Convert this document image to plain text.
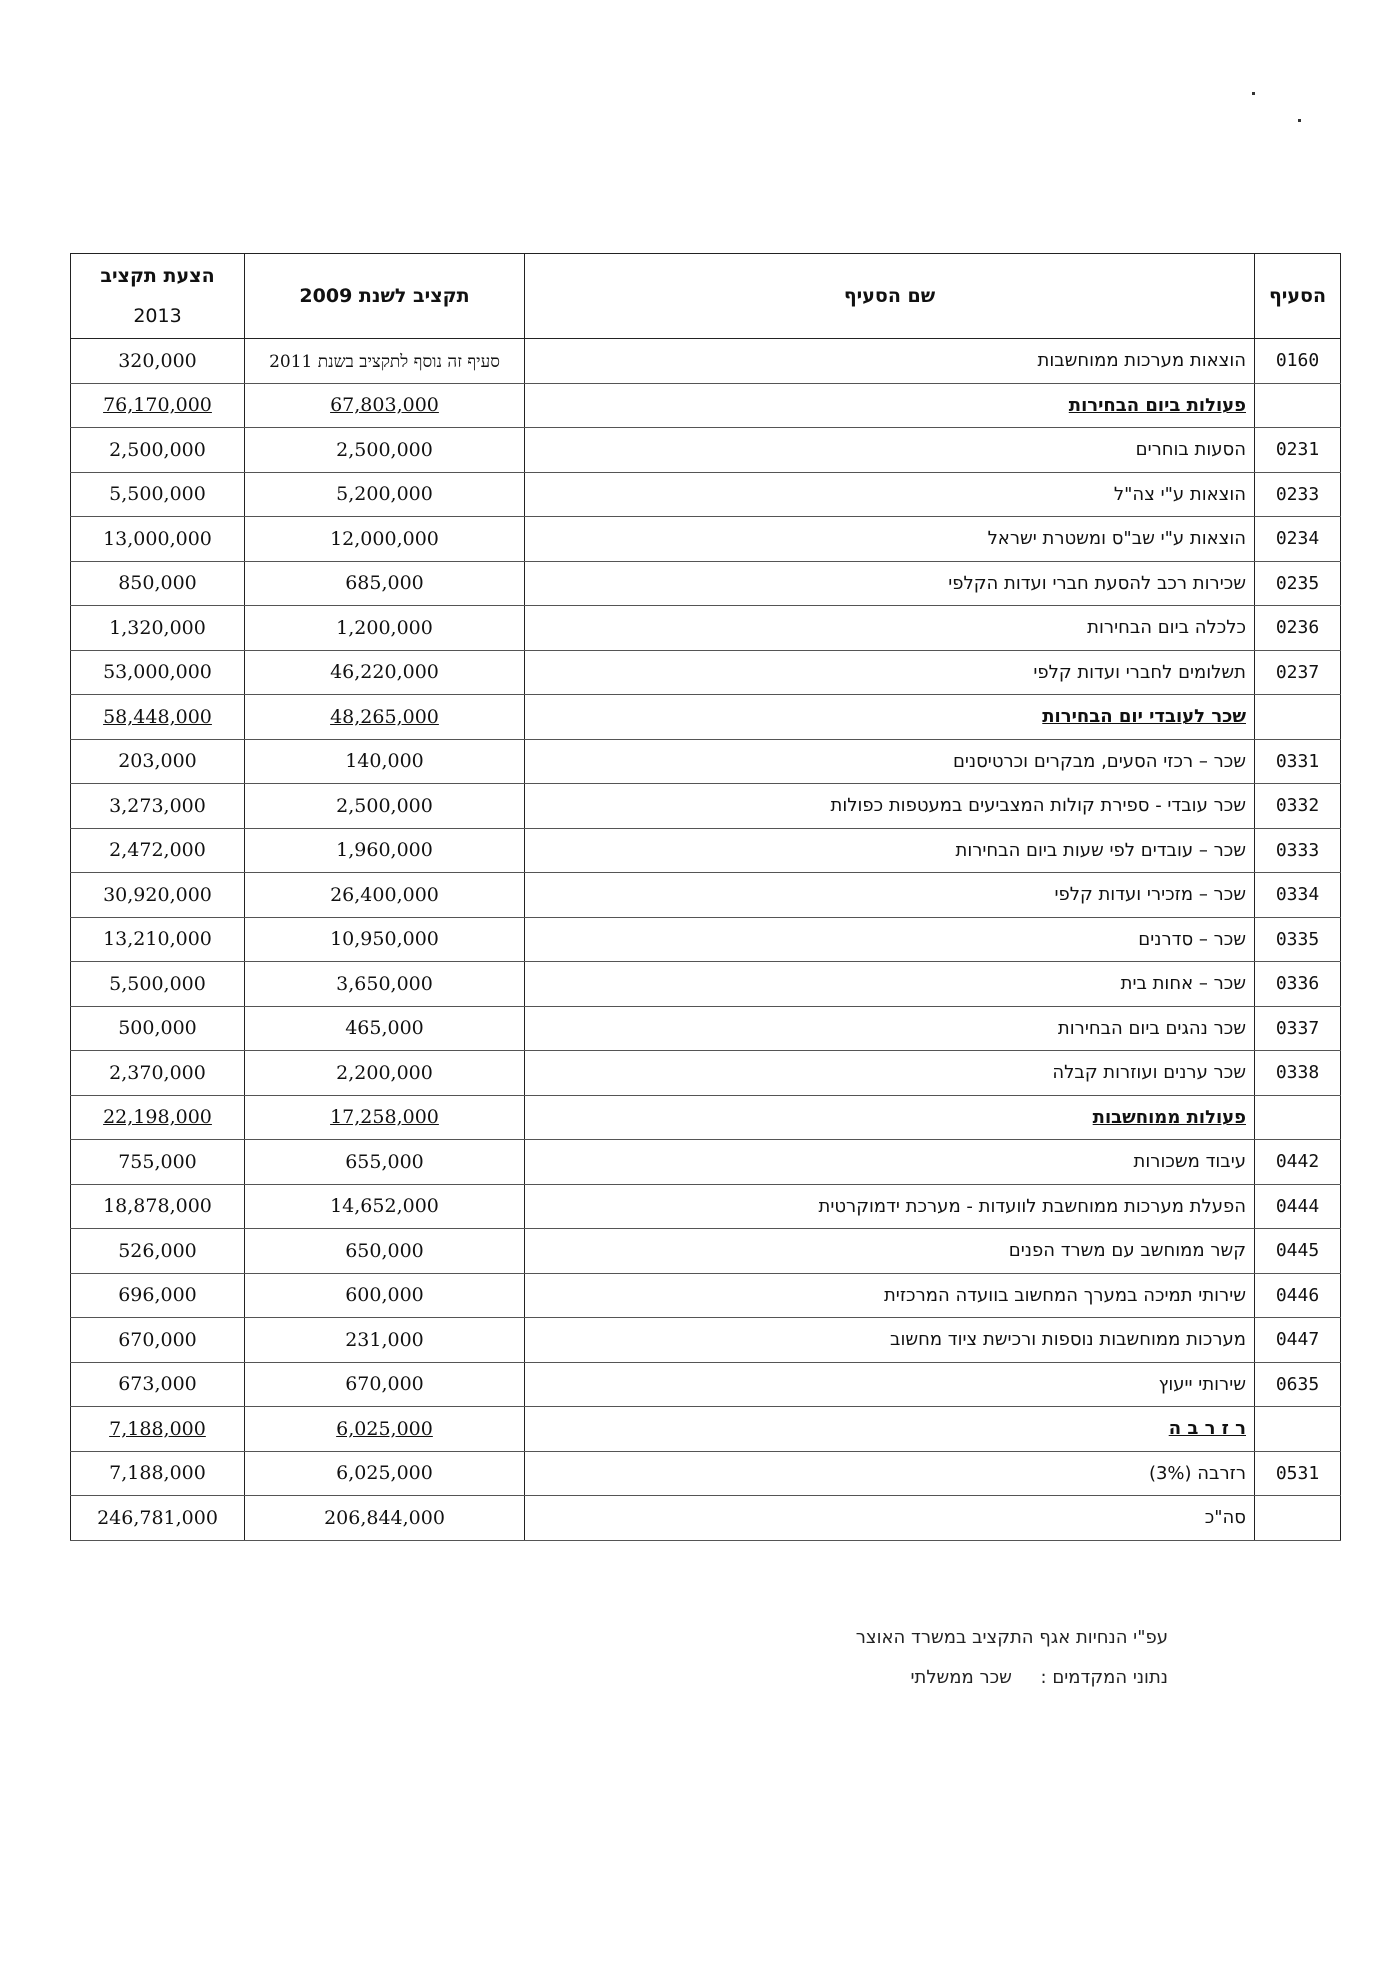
הצעת תקציב
2013	תקציב לשנת 2009	שם הסעיף	הסעיף
320,000	סעיף זה נוסף לתקציב בשנת 2011	הוצאות מערכות ממוחשבות	0160
76,170,000	67,803,000	פעולות ביום הבחירות	
2,500,000	2,500,000	הסעות בוחרים	0231
5,500,000	5,200,000	הוצאות ע"י צה"ל	0233
13,000,000	12,000,000	הוצאות ע"י שב"ס ומשטרת ישראל	0234
850,000	685,000	שכירות רכב להסעת חברי ועדות הקלפי	0235
1,320,000	1,200,000	כלכלה ביום הבחירות	0236
53,000,000	46,220,000	תשלומים לחברי ועדות קלפי	0237
58,448,000	48,265,000	שכר לעובדי יום הבחירות	
203,000	140,000	שכר – רכזי הסעים, מבקרים וכרטיסנים	0331
3,273,000	2,500,000	שכר עובדי - ספירת קולות המצביעים במעטפות כפולות	0332
2,472,000	1,960,000	שכר – עובדים לפי שעות ביום הבחירות	0333
30,920,000	26,400,000	שכר – מזכירי ועדות קלפי	0334
13,210,000	10,950,000	שכר – סדרנים	0335
5,500,000	3,650,000	שכר – אחות בית	0336
500,000	465,000	שכר נהגים ביום הבחירות	0337
2,370,000	2,200,000	שכר ערנים ועוזרות קבלה	0338
22,198,000	17,258,000	פעולות ממוחשבות	
755,000	655,000	עיבוד משכורות	0442
18,878,000	14,652,000	הפעלת מערכות ממוחשבת לוועדות - מערכת ידמוקרטית	0444
526,000	650,000	קשר ממוחשב עם משרד הפנים	0445
696,000	600,000	שירותי תמיכה במערך המחשוב בוועדה המרכזית	0446
670,000	231,000	מערכות ממוחשבות נוספות ורכישת ציוד מחשוב	0447
673,000	670,000	שירותי ייעוץ	0635
7,188,000	6,025,000	ר ז ר ב ה	
7,188,000	6,025,000	רזרבה (3%)	0531
246,781,000	206,844,000	סה"כ	
עפ"י הנחיות אגף התקציב במשרד האוצר
נתוני המקדמים :     שכר ממשלתי
